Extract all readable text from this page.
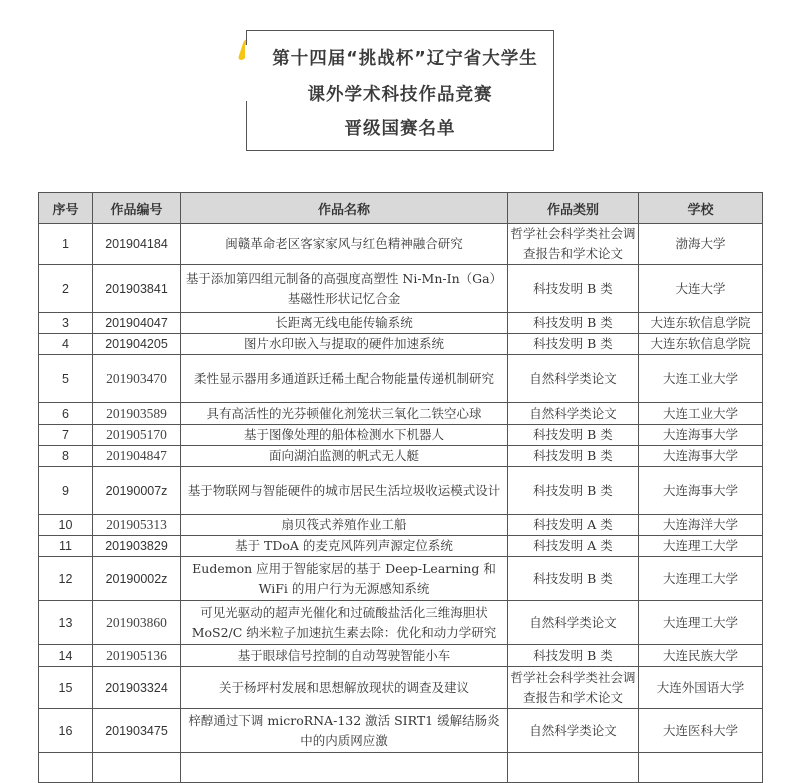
第十四届“挑战杯”辽宁省大学生
课外学术科技作品竞赛
晋级国赛名单
序号	作品编号	作品名称	作品类别	学校
1	201904184	闽赣革命老区客家家风与红色精神融合研究	哲学社会科学类社会调查报告和学术论文	渤海大学
2	201903841	基于添加第四组元制备的高强度高塑性 Ni-Mn-In（Ga）基磁性形状记忆合金	科技发明 B 类	大连大学
3	201904047	长距离无线电能传输系统	科技发明 B 类	大连东软信息学院
4	201904205	图片水印嵌入与提取的硬件加速系统	科技发明 B 类	大连东软信息学院
5	201903470	柔性显示器用多通道跃迁稀土配合物能量传递机制研究	自然科学类论文	大连工业大学
6	201903589	具有高活性的光芬顿催化剂笼状三氧化二铁空心球	自然科学类论文	大连工业大学
7	201905170	基于图像处理的船体检测水下机器人	科技发明 B 类	大连海事大学
8	201904847	面向湖泊监测的帆式无人艇	科技发明 B 类	大连海事大学
9	20190007z	基于物联网与智能硬件的城市居民生活垃圾收运模式设计	科技发明 B 类	大连海事大学
10	201905313	扇贝筏式养殖作业工船	科技发明 A 类	大连海洋大学
11	201903829	基于 TDoA 的麦克风阵列声源定位系统	科技发明 A 类	大连理工大学
12	20190002z	Eudemon 应用于智能家居的基于 Deep-Learning 和 WiFi 的用户行为无源感知系统	科技发明 B 类	大连理工大学
13	201903860	可见光驱动的超声光催化和过硫酸盐活化三维海胆状 MoS2/C 纳米粒子加速抗生素去除：优化和动力学研究	自然科学类论文	大连理工大学
14	201905136	基于眼球信号控制的自动驾驶智能小车	科技发明 B 类	大连民族大学
15	201903324	关于杨坪村发展和思想解放现状的调查及建议	哲学社会科学类社会调查报告和学术论文	大连外国语大学
16	201903475	梓醇通过下调 microRNA-132 激活 SIRT1 缓解结肠炎中的内质网应激	自然科学类论文	大连医科大学
